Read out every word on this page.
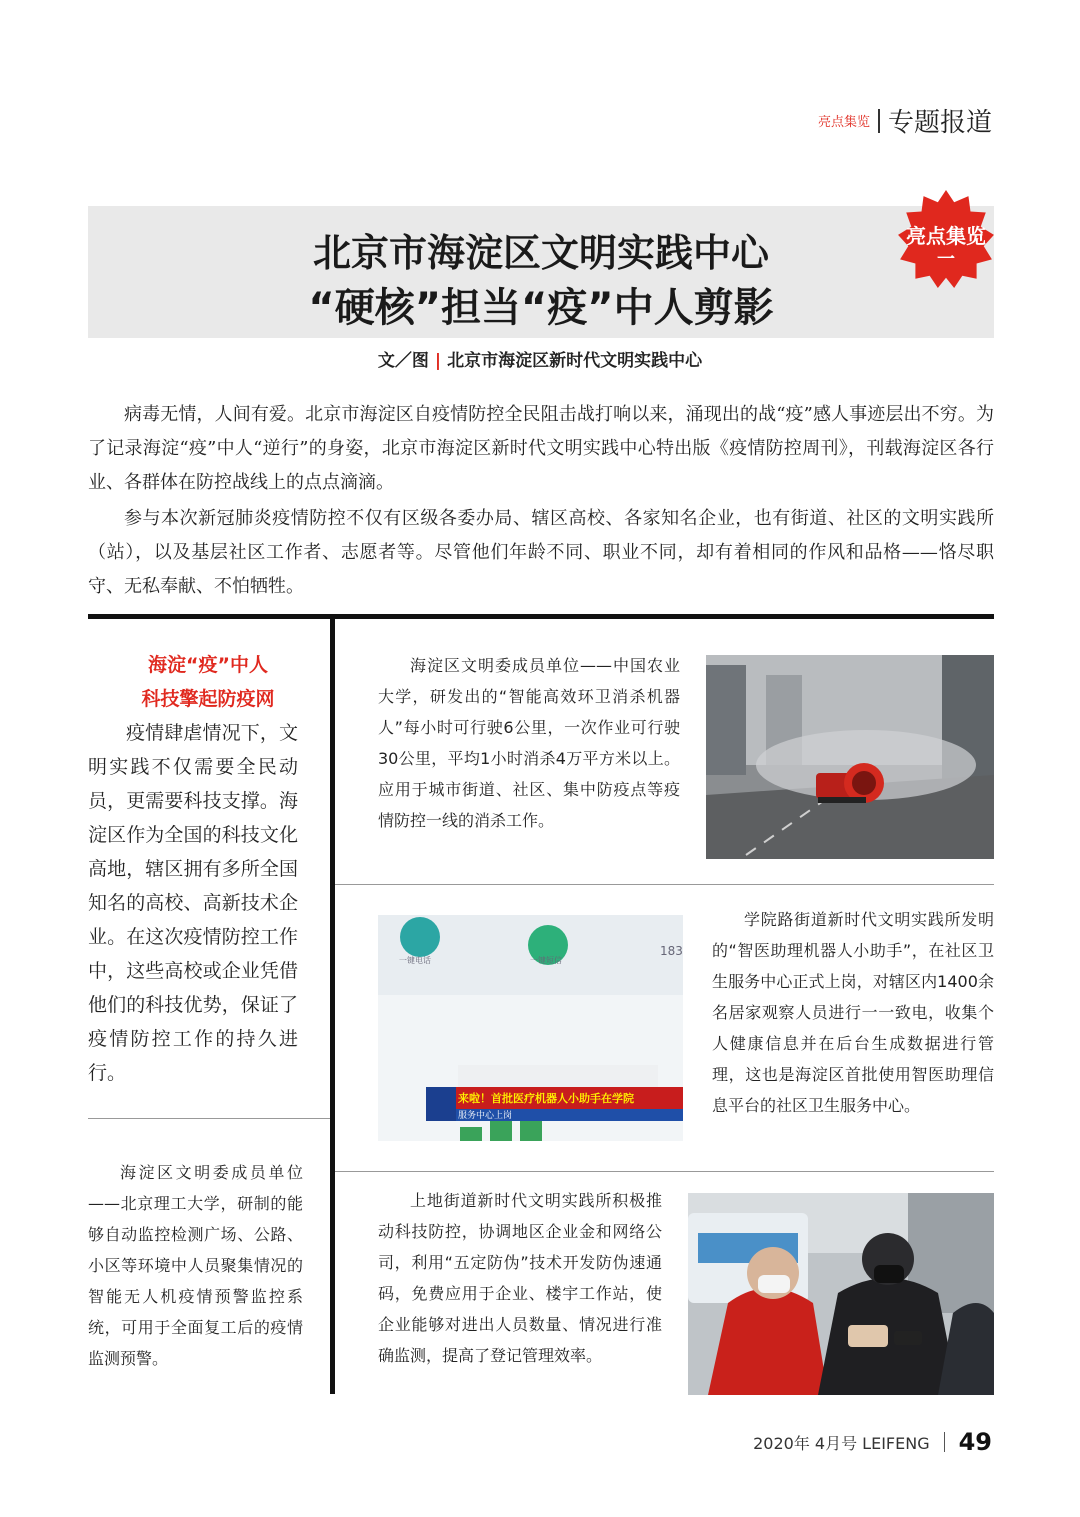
亮点集览 专题报道
北京市海淀区文明实践中心
“硬核”担当“疫”中人剪影
亮点集览
一
文／图 | 北京市海淀区新时代文明实践中心

病毒无情，人间有爱。北京市海淀区自疫情防控全民阻击战打响以来，涌现出的战“疫”感人事迹层出不穷。为了记录海淀“疫”中人“逆行”的身姿，北京市海淀区新时代文明实践中心特出版《疫情防控周刊》，刊载海淀区各行业、各群体在防控战线上的点点滴滴。

参与本次新冠肺炎疫情防控不仅有区级各委办局、辖区高校、各家知名企业，也有街道、社区的文明实践所（站），以及基层社区工作者、志愿者等。尽管他们年龄不同、职业不同，却有着相同的作风和品格——恪尽职守、无私奉献、不怕牺牲。

海淀“疫”中人
科技擎起防疫网
疫情肆虐情况下，文明实践不仅需要全民动员，更需要科技支撑。海淀区作为全国的科技文化高地，辖区拥有多所全国知名的高校、高新技术企业。在这次疫情防控工作中，这些高校或企业凭借他们的科技优势，保证了疫情防控工作的持久进行。
海淀区文明委成员单位——北京理工大学，研制的能够自动监控检测广场、公路、小区等环境中人员聚集情况的智能无人机疫情预警监控系统，可用于全面复工后的疫情监测预警。
海淀区文明委成员单位——中国农业大学，研发出的“智能高效环卫消杀机器人”每小时可行驶6公里，一次作业可行驶30公里，平均1小时消杀4万平方米以上。应用于城市街道、社区、集中防疫点等疫情防控一线的消杀工作。
一键电话	一键短信
183
来啦！首批医疗机器人小助手在学院
服务中心上岗
学院路街道新时代文明实践所发明的“智医助理机器人小助手”，在社区卫生服务中心正式上岗，对辖区内1400余名居家观察人员进行一一致电，收集个人健康信息并在后台生成数据进行管理，这也是海淀区首批使用智医助理信息平台的社区卫生服务中心。
上地街道新时代文明实践所积极推动科技防控，协调地区企业金和网络公司，利用“五定防伪”技术开发防伪速通码，免费应用于企业、楼宇工作站，使企业能够对进出人员数量、情况进行准确监测，提高了登记管理效率。
2020年 4月号 LEIFENG 49
